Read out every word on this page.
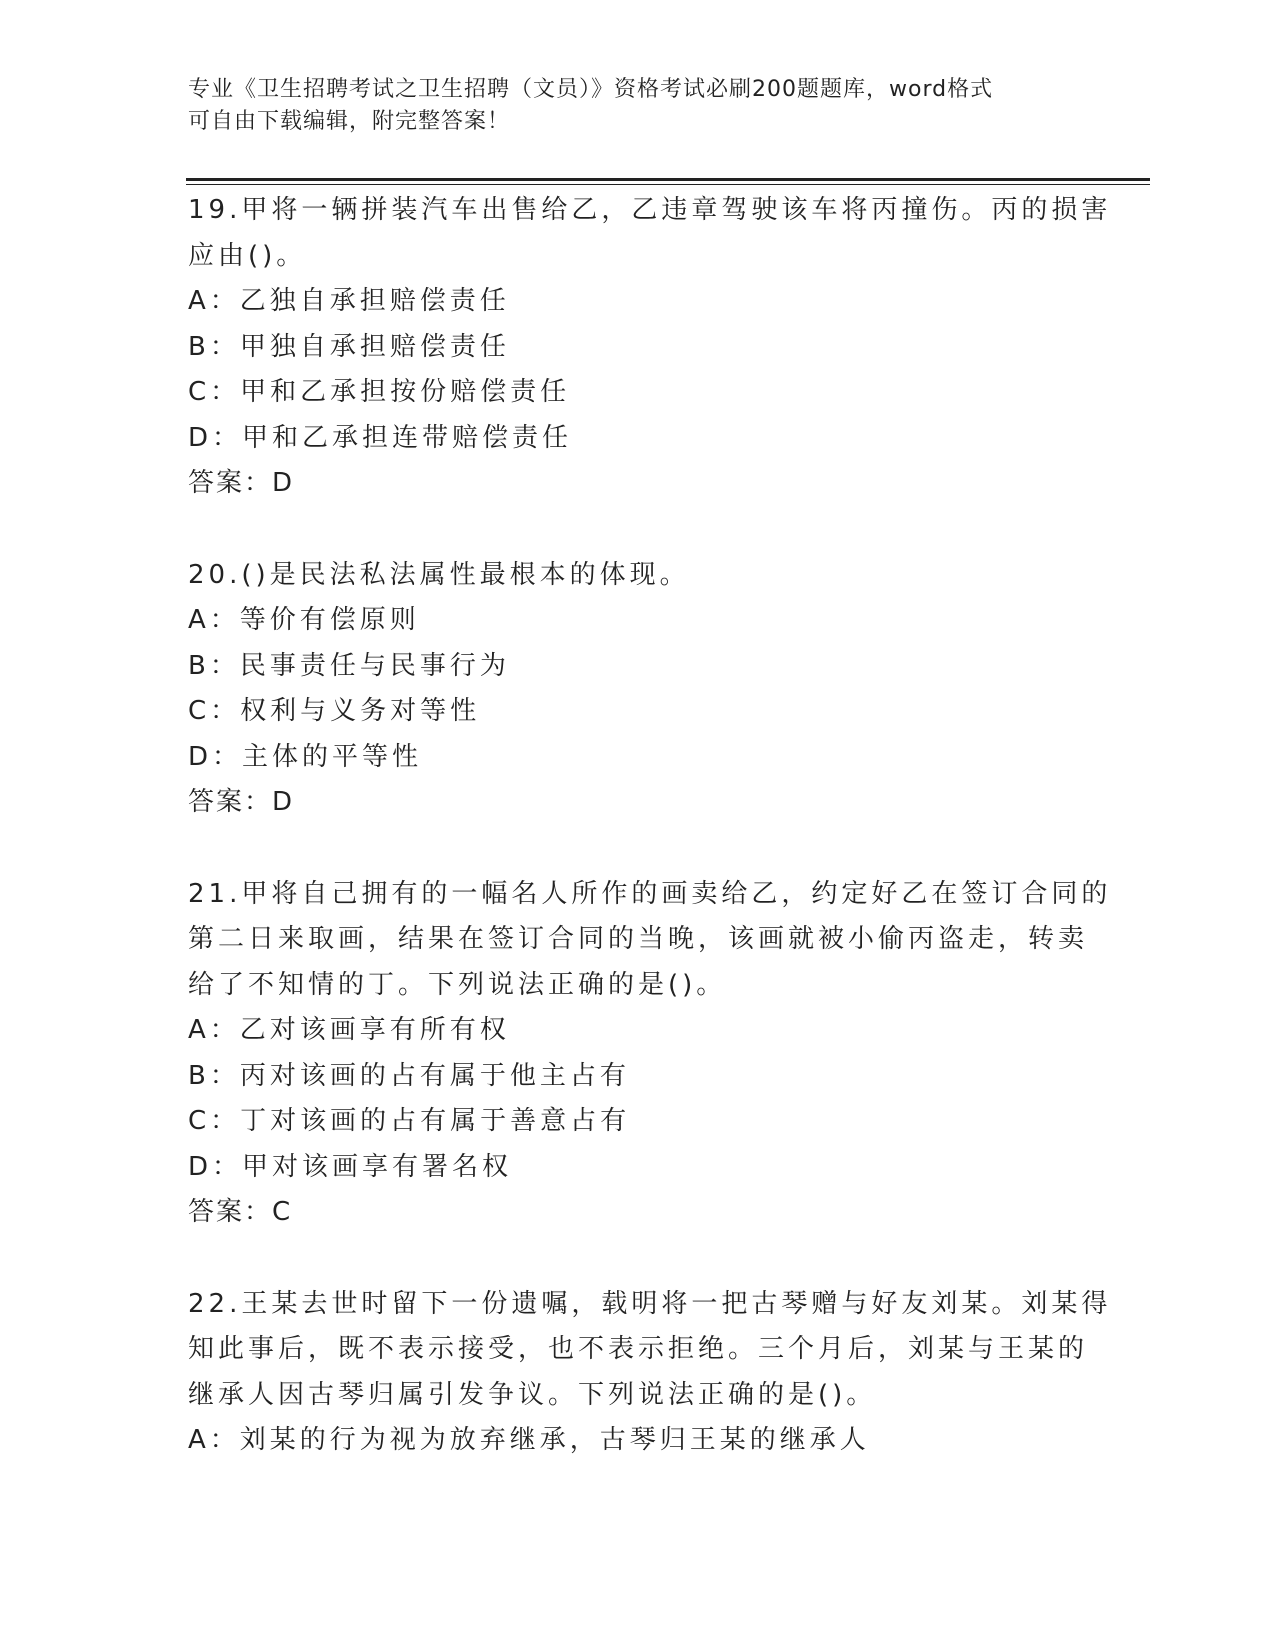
专业《卫生招聘考试之卫生招聘（文员）》资格考试必刷200题题库，word格式
可自由下载编辑，附完整答案！
19.甲将一辆拼装汽车出售给乙，乙违章驾驶该车将丙撞伤。丙的损害
应由()。
A：乙独自承担赔偿责任
B：甲独自承担赔偿责任
C：甲和乙承担按份赔偿责任
D：甲和乙承担连带赔偿责任
答案：D
20.()是民法私法属性最根本的体现。
A：等价有偿原则
B：民事责任与民事行为
C：权利与义务对等性
D：主体的平等性
答案：D
21.甲将自己拥有的一幅名人所作的画卖给乙，约定好乙在签订合同的
第二日来取画，结果在签订合同的当晚，该画就被小偷丙盗走，转卖
给了不知情的丁。下列说法正确的是()。
A：乙对该画享有所有权
B：丙对该画的占有属于他主占有
C：丁对该画的占有属于善意占有
D：甲对该画享有署名权
答案：C
22.王某去世时留下一份遗嘱，载明将一把古琴赠与好友刘某。刘某得
知此事后，既不表示接受，也不表示拒绝。三个月后，刘某与王某的
继承人因古琴归属引发争议。下列说法正确的是()。
A：刘某的行为视为放弃继承，古琴归王某的继承人
